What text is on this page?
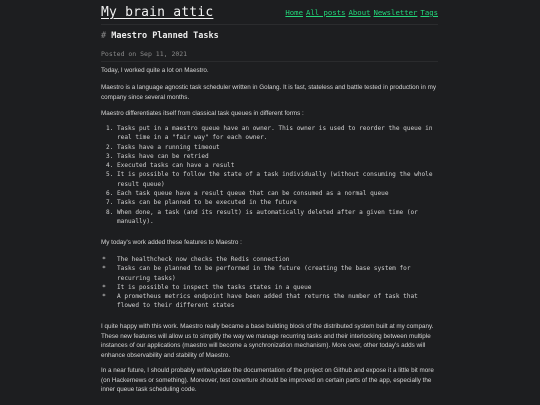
My brain attic	Home All posts About Newsletter Tags
# Maestro Planned Tasks
Posted on Sep 11, 2021
Today, I worked quite a lot on Maestro.
Maestro is a language agnostic task scheduler written in Golang. It is fast, stateless and battle tested in production in my company since several months.
Maestro differentiates itself from classical task queues in different forms :
1. Tasks put in a maestro queue have an owner. This owner is used to reorder the queue in real time in a "fair way" for each owner.
2. Tasks have a running timeout
3. Tasks have can be retried
4. Executed tasks can have a result
5. It is possible to follow the state of a task individually (without consuming the whole result queue)
6. Each task queue have a result queue that can be consumed as a normal queue
7. Tasks can be planned to be executed in the future
8. When done, a task (and its result) is automatically deleted after a given time (or manually).
My today's work added these features to Maestro :
* The healthcheck now checks the Redis connection
* Tasks can be planned to be performed in the future (creating the base system for recurring tasks)
* It is possible to inspect the tasks states in a queue
* A prometheus metrics endpoint have been added that returns the number of task that flowed to their different states
I quite happy with this work. Maestro really became a base building block of the distributed system built at my company. These new features will allow us to simplify the way we manage recurring tasks and their interlocking between multiple instances of our applications (maestro will become a synchronization mechanism). More over, other today's adds will enhance observability and stability of Maestro.
In a near future, I should probably write/update the documentation of the project on Github and expose it a little bit more (on Hackernews or something). Moreover, test coverture should be improved on certain parts of the app, especially the inner queue task scheduling code.
